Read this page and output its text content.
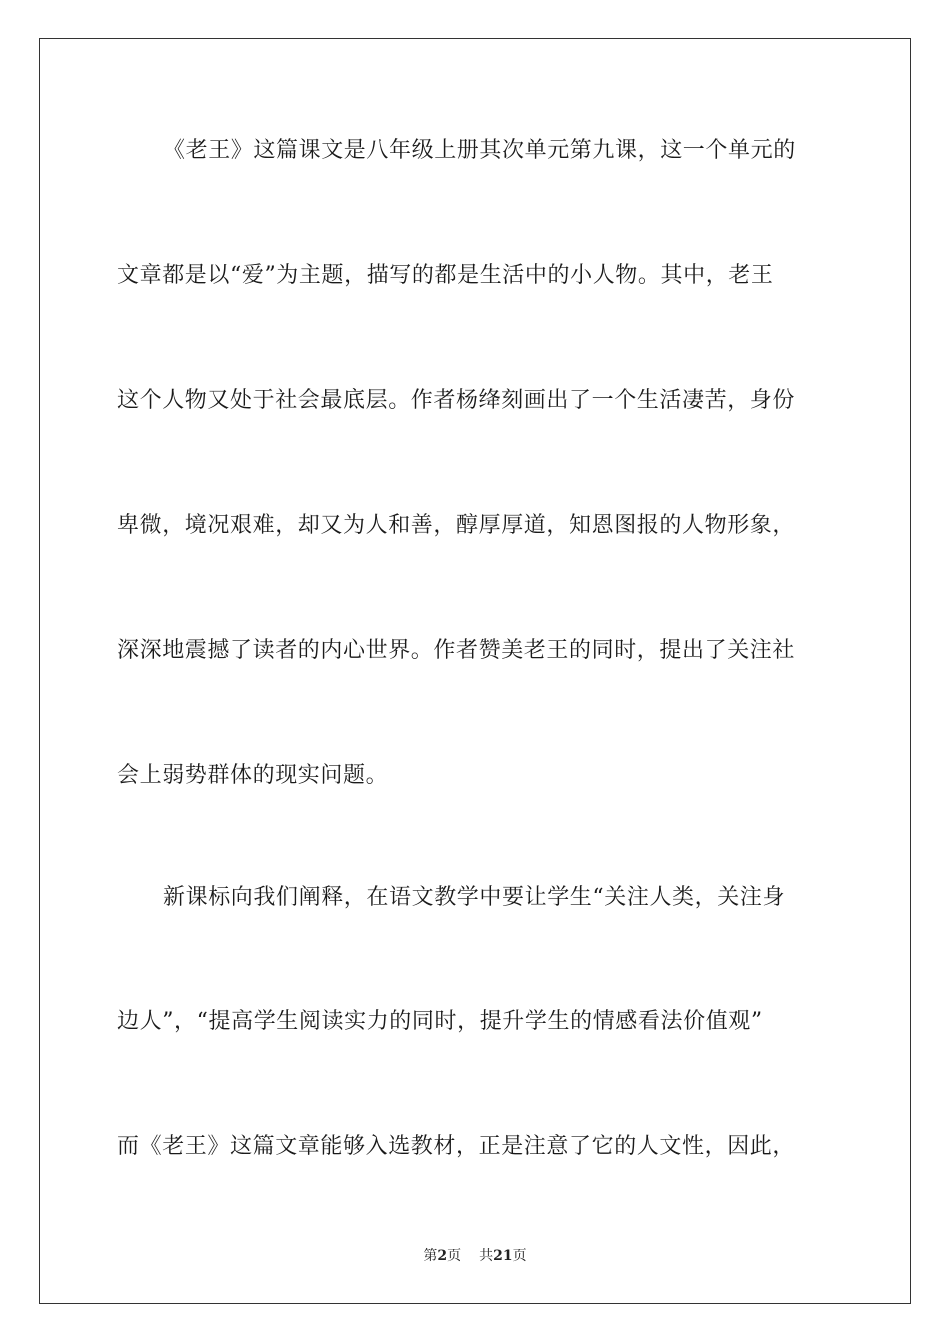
《老王》这篇课文是八年级上册其次单元第九课，这一个单元的
文章都是以“爱”为主题，描写的都是生活中的小人物。其中，老王
这个人物又处于社会最底层。作者杨绛刻画出了一个生活凄苦，身份
卑微，境况艰难，却又为人和善，醇厚厚道，知恩图报的人物形象，
深深地震撼了读者的内心世界。作者赞美老王的同时，提出了关注社
会上弱势群体的现实问题。
新课标向我们阐释，在语文教学中要让学生“关注人类，关注身
边人”，“提高学生阅读实力的同时，提升学生的情感看法价值观”
而《老王》这篇文章能够入选教材，正是注意了它的人文性，因此，
第2页 共21页
